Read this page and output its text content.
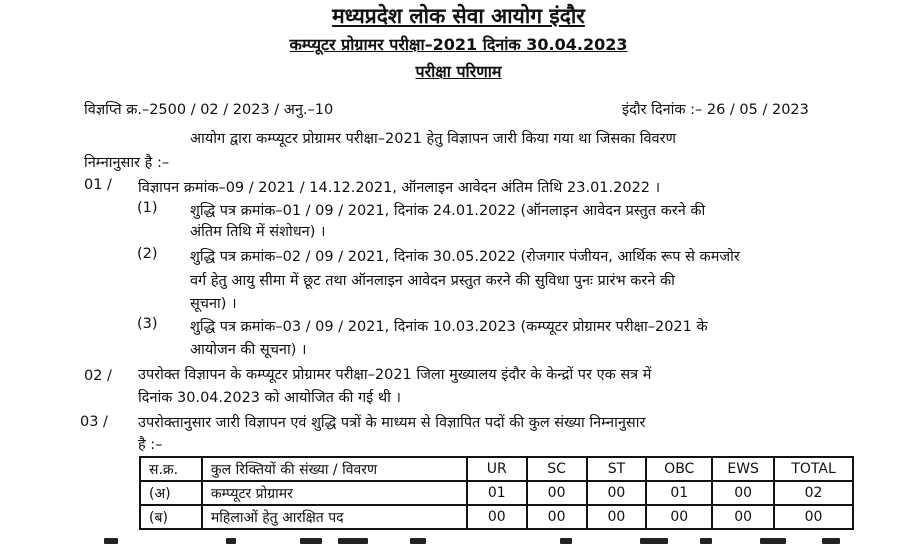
मध्यप्रदेश लोक सेवा आयोग इंदौर
कम्प्यूटर प्रोग्रामर परीक्षा–2021 दिनांक 30.04.2023
परीक्षा परिणाम
विज्ञप्ति क्र.–2500 / 02 / 2023 / अनु.–10	इंदौर दिनांक :– 26 / 05 / 2023
आयोग द्वारा कम्प्यूटर प्रोग्रामर परीक्षा–2021 हेतु विज्ञापन जारी किया गया था जिसका विवरण
निम्नानुसार है :–
01 / विज्ञापन क्रमांक–09 / 2021 / 14.12.2021, ऑनलाइन आवेदन अंतिम तिथि 23.01.2022 ।
(1) शुद्धि पत्र क्रमांक–01 / 09 / 2021, दिनांक 24.01.2022 (ऑनलाइन आवेदन प्रस्तुत करने की
अंतिम तिथि में संशोधन) ।
(2) शुद्धि पत्र क्रमांक–02 / 09 / 2021, दिनांक 30.05.2022 (रोजगार पंजीयन, आर्थिक रूप से कमजोर
वर्ग हेतु आयु सीमा में छूट तथा ऑनलाइन आवेदन प्रस्तुत करने की सुविधा पुनः प्रारंभ करने की
सूचना) ।
(3) शुद्धि पत्र क्रमांक–03 / 09 / 2021, दिनांक 10.03.2023 (कम्प्यूटर प्रोग्रामर परीक्षा–2021 के
आयोजन की सूचना) ।
02 / उपरोक्त विज्ञापन के कम्प्यूटर प्रोग्रामर परीक्षा–2021 जिला मुख्यालय इंदौर के केन्द्रों पर एक सत्र में
दिनांक 30.04.2023 को आयोजित की गई थी ।
03 / उपरोक्तानुसार जारी विज्ञापन एवं शुद्धि पत्रों के माध्यम से विज्ञापित पदों की कुल संख्या निम्नानुसार
है :–
स.क्र.	कुल रिक्तियों की संख्या / विवरण	UR	SC	ST	OBC	EWS	TOTAL
(अ)	कम्प्यूटर प्रोग्रामर	01	00	00	01	00	02
(ब)	महिलाओं हेतु आरक्षित पद	00	00	00	00	00	00
